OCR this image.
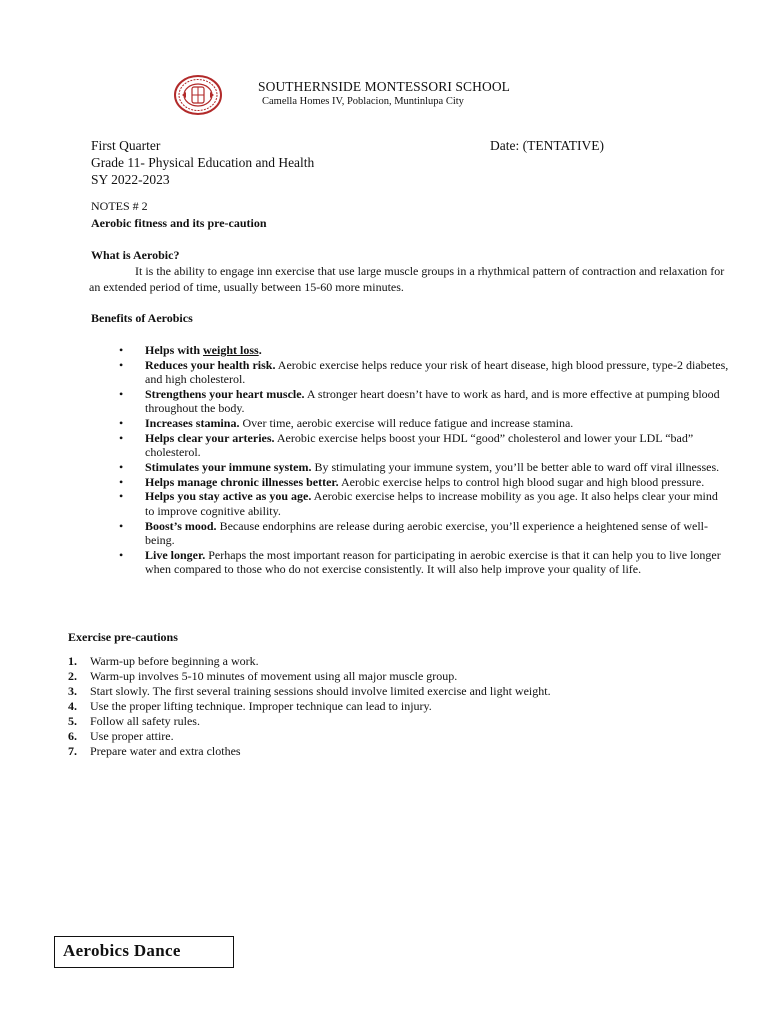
SOUTHERNSIDE MONTESSORI SCHOOL
Camella Homes IV, Poblacion, Muntinlupa City
First Quarter
Grade 11- Physical Education and Health
SY 2022-2023
Date: (TENTATIVE)
NOTES # 2
Aerobic fitness and its pre-caution
What is Aerobic?
It is the ability to engage inn exercise that use large muscle groups in a rhythmical pattern of contraction and relaxation for an extended period of time, usually between 15-60 more minutes.
Benefits of Aerobics
• Helps with weight loss.
• Reduces your health risk. Aerobic exercise helps reduce your risk of heart disease, high blood pressure, type-2 diabetes, and high cholesterol.
• Strengthens your heart muscle. A stronger heart doesn’t have to work as hard, and is more effective at pumping blood throughout the body.
• Increases stamina. Over time, aerobic exercise will reduce fatigue and increase stamina.
• Helps clear your arteries. Aerobic exercise helps boost your HDL “good” cholesterol and lower your LDL “bad” cholesterol.
• Stimulates your immune system. By stimulating your immune system, you’ll be better able to ward off viral illnesses.
• Helps manage chronic illnesses better. Aerobic exercise helps to control high blood sugar and high blood pressure.
• Helps you stay active as you age. Aerobic exercise helps to increase mobility as you age. It also helps clear your mind to improve cognitive ability.
• Boost’s mood. Because endorphins are release during aerobic exercise, you’ll experience a heightened sense of well-being.
• Live longer. Perhaps the most important reason for participating in aerobic exercise is that it can help you to live longer when compared to those who do not exercise consistently. It will also help improve your quality of life.
Exercise pre-cautions
1. Warm-up before beginning a work.
2. Warm-up involves 5-10 minutes of movement using all major muscle group.
3. Start slowly. The first several training sessions should involve limited exercise and light weight.
4. Use the proper lifting technique. Improper technique can lead to injury.
5. Follow all safety rules.
6. Use proper attire.
7. Prepare water and extra clothes
Aerobics Dance
